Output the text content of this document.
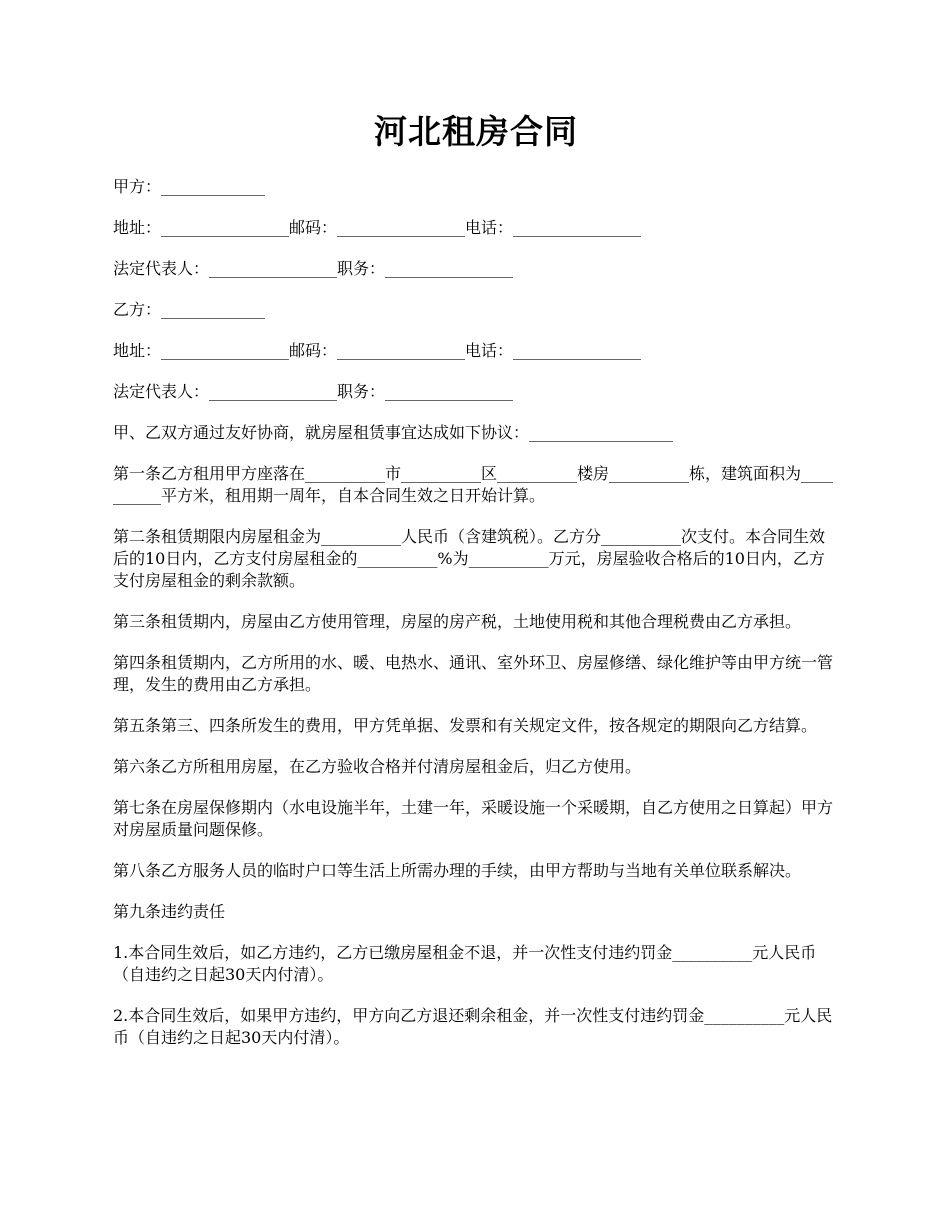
河北租房合同

甲方：_____________

地址：________________邮码：________________电话：________________

法定代表人：________________职务：________________

乙方：_____________

地址：________________邮码：________________电话：________________

法定代表人：________________职务：________________

甲、乙双方通过友好协商，就房屋租赁事宜达成如下协议：__________________

第一条乙方租用甲方座落在__________市__________区__________楼房__________栋，建筑面积为__________平方米，租用期一周年，自本合同生效之日开始计算。

第二条租赁期限内房屋租金为__________人民币（含建筑税）。乙方分__________次支付。本合同生效后的10日内，乙方支付房屋租金的__________%为__________万元，房屋验收合格后的10日内，乙方支付房屋租金的剩余款额。

第三条租赁期内，房屋由乙方使用管理，房屋的房产税，土地使用税和其他合理税费由乙方承担。

第四条租赁期内，乙方所用的水、暖、电热水、通讯、室外环卫、房屋修缮、绿化维护等由甲方统一管理，发生的费用由乙方承担。

第五条第三、四条所发生的费用，甲方凭单据、发票和有关规定文件，按各规定的期限向乙方结算。

第六条乙方所租用房屋，在乙方验收合格并付清房屋租金后，归乙方使用。

第七条在房屋保修期内（水电设施半年，土建一年，采暖设施一个采暖期，自乙方使用之日算起）甲方对房屋质量问题保修。

第八条乙方服务人员的临时户口等生活上所需办理的手续，由甲方帮助与当地有关单位联系解决。

第九条违约责任

1.本合同生效后，如乙方违约，乙方已缴房屋租金不退，并一次性支付违约罚金__________元人民币（自违约之日起30天内付清）。

2.本合同生效后，如果甲方违约，甲方向乙方退还剩余租金，并一次性支付违约罚金__________元人民币（自违约之日起30天内付清）。
